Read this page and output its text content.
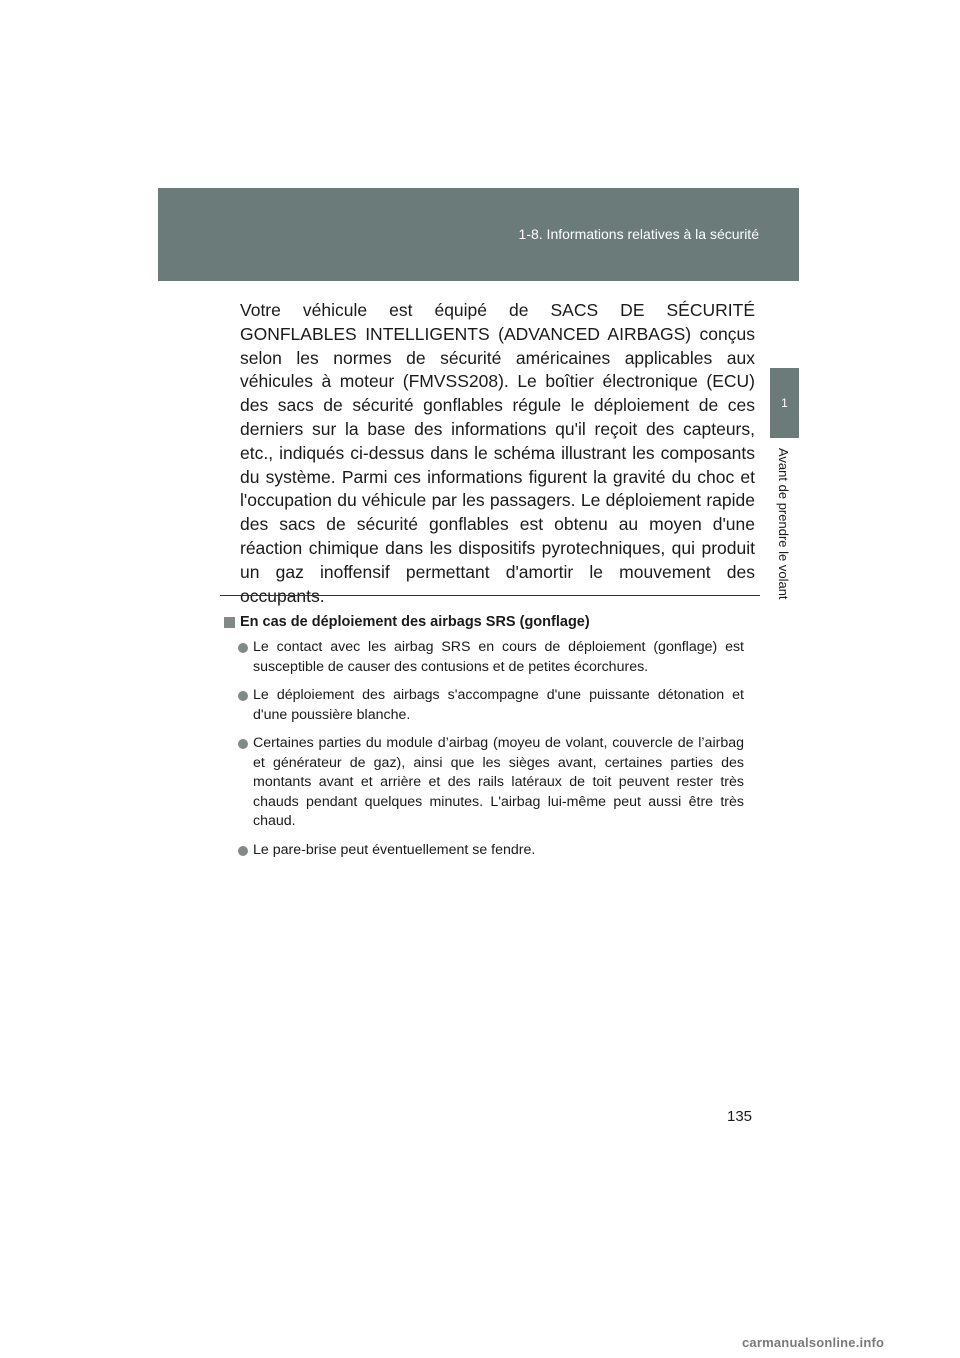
1-8. Informations relatives à la sécurité
1
Avant de prendre le volant

Votre véhicule est équipé de SACS DE SÉCURITÉ GONFLABLES INTELLIGENTS (ADVANCED AIRBAGS) conçus selon les normes de sécurité américaines applicables aux véhicules à moteur (FMVSS208). Le boîtier électronique (ECU) des sacs de sécurité gonflables régule le déploiement de ces derniers sur la base des informations qu'il reçoit des capteurs, etc., indiqués ci-dessus dans le schéma illustrant les composants du système. Parmi ces informations figurent la gravité du choc et l'occupation du véhicule par les passagers. Le déploiement rapide des sacs de sécurité gonflables est obtenu au moyen d'une réaction chimique dans les dispositifs pyrotechniques, qui produit un gaz inoffensif permettant d'amortir le mouvement des occupants.

En cas de déploiement des airbags SRS (gonflage)
Le contact avec les airbag SRS en cours de déploiement (gonflage) est susceptible de causer des contusions et de petites écorchures.
Le déploiement des airbags s'accompagne d'une puissante détonation et d'une poussière blanche.
Certaines parties du module d’airbag (moyeu de volant, couvercle de l’airbag et générateur de gaz), ainsi que les sièges avant, certaines parties des montants avant et arrière et des rails latéraux de toit peuvent rester très chauds pendant quelques minutes. L'airbag lui-même peut aussi être très chaud.
Le pare-brise peut éventuellement se fendre.
135
carmanualsonline.info
